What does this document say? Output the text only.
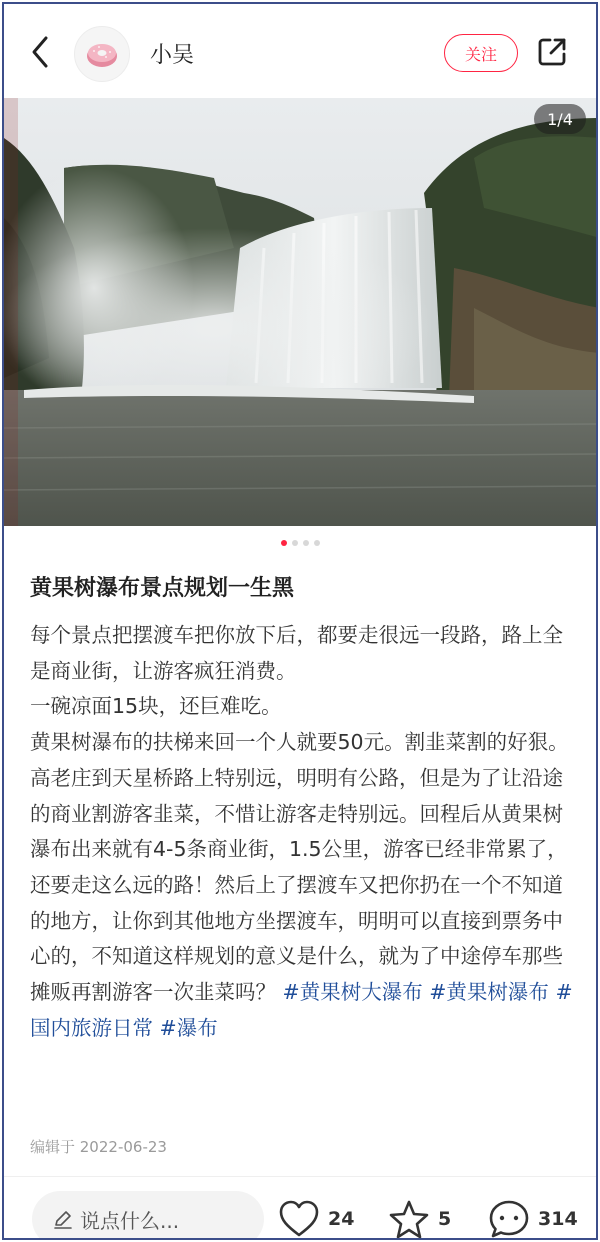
小吴	关注
1/4
黄果树瀑布景点规划一生黑

每个景点把摆渡车把你放下后，都要走很远一段路，路上全是商业街，让游客疯狂消费。

一碗凉面15块，还巨难吃。

黄果树瀑布的扶梯来回一个人就要50元。割韭菜割的好狠。

高老庄到天星桥路上特别远，明明有公路，但是为了让沿途的商业割游客韭菜，不惜让游客走特别远。回程后从黄果树瀑布出来就有4-5条商业街，1.5公里，游客已经非常累了，还要走这么远的路！然后上了摆渡车又把你扔在一个不知道的地方，让你到其他地方坐摆渡车，明明可以直接到票务中心的，不知道这样规划的意义是什么，就为了中途停车那些摊贩再割游客一次韭菜吗？ #黄果树大瀑布 #黄果树瀑布 #国内旅游日常 #瀑布

编辑于 2022-06-23
说点什么...	24	5	314
